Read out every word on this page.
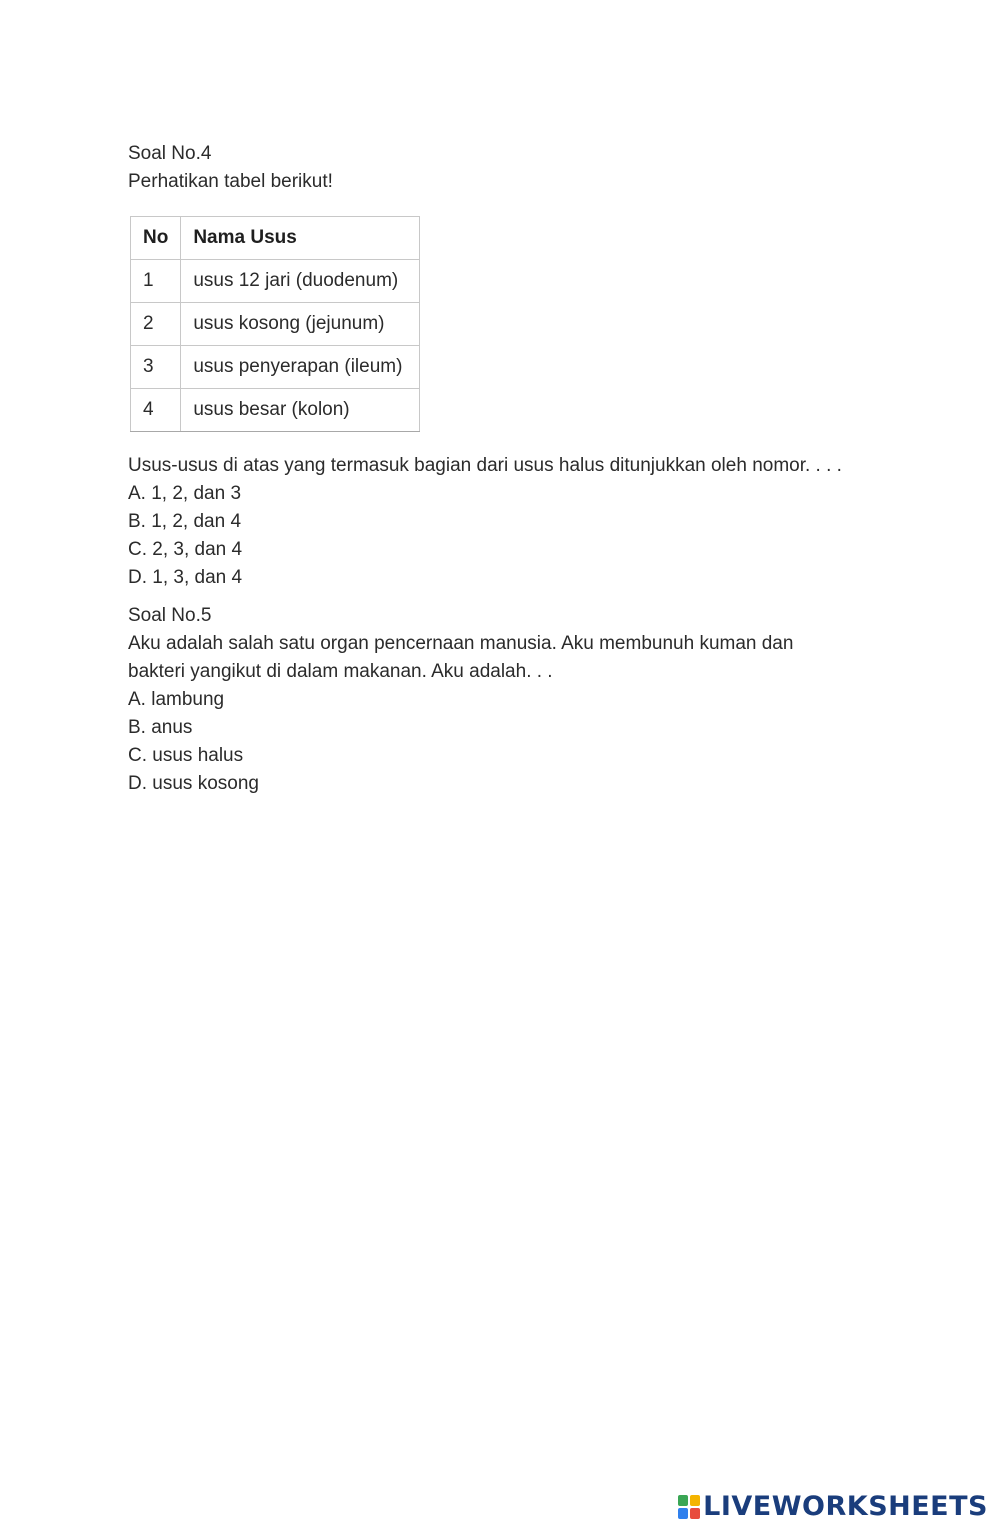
Soal No.4
Perhatikan tabel berikut!
No	Nama Usus
1	usus 12 jari (duodenum)
2	usus kosong (jejunum)
3	usus penyerapan (ileum)
4	usus besar (kolon)
Usus-usus di atas yang termasuk bagian dari usus halus ditunjukkan oleh nomor. . . .
A. 1, 2, dan 3
B. 1, 2, dan 4
C. 2, 3, dan 4
D. 1, 3, dan 4
Soal No.5
Aku adalah salah satu organ pencernaan manusia. Aku membunuh kuman dan
bakteri yangikut di dalam makanan. Aku adalah. . .
A. lambung
B. anus
C. usus halus
D. usus kosong
LIVEWORKSHEETS
